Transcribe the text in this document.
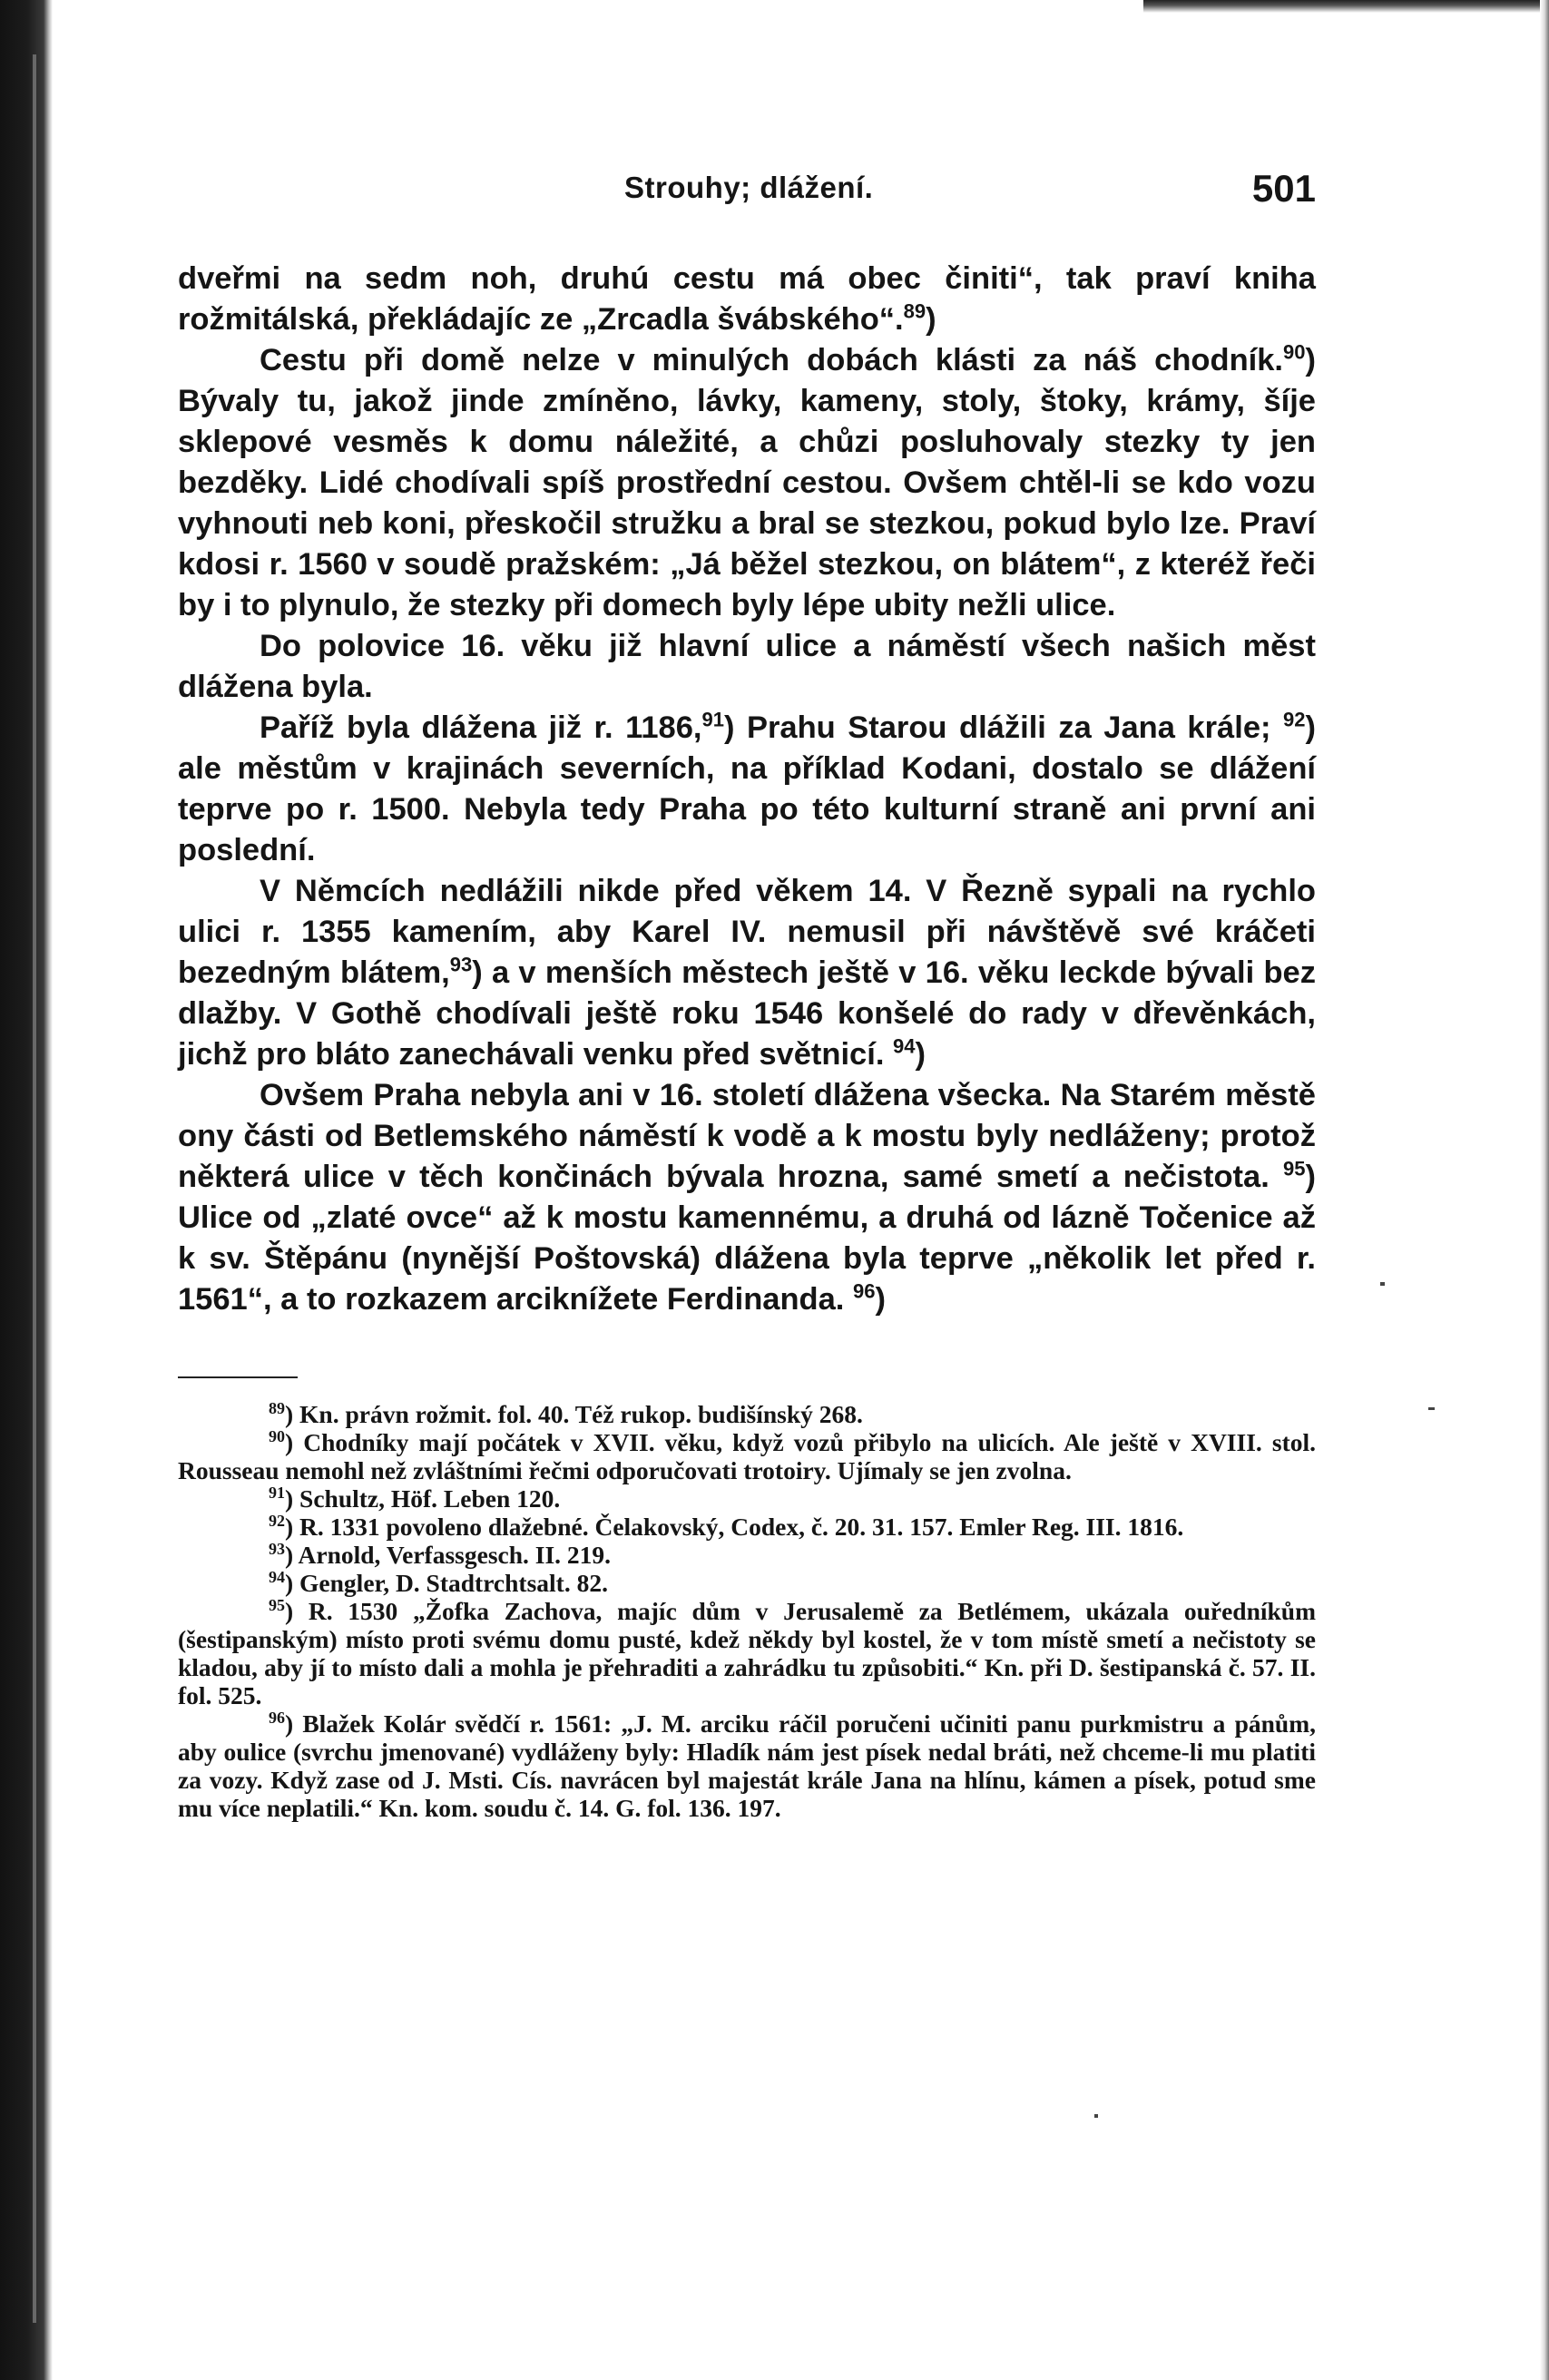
Strouhy; dlážení.	501

dveřmi na sedm noh, druhú cestu má obec činiti“, tak praví kniha rožmitálská, překládajíc ze „Zrcadla švábského“.$^{89}$)

Cestu při domě nelze v minulých dobách klásti za náš chodník.$^{90}$) Bývaly tu, jakož jinde zmíněno, lávky, kameny, stoly, štoky, krámy, šíje sklepové vesměs k domu náležité, a chůzi posluhovaly stezky ty jen bezděky. Lidé chodívali spíš prostřední cestou. Ovšem chtěl-li se kdo vozu vyhnouti neb koni, přeskočil stružku a bral se stezkou, pokud bylo lze. Praví kdosi r. 1560 v soudě pražském: „Já běžel stezkou, on blátem“, z kteréž řeči by i to plynulo, že stezky při domech byly lépe ubity nežli ulice.

Do polovice 16. věku již hlavní ulice a náměstí všech našich měst dlážena byla.

Paříž byla dlážena již r. 1186,91) Prahu Starou dlážili za Jana krále; $^{92}$) ale městům v krajinách severních, na příklad Kodani, dostalo se dlážení teprve po r. 1500. Nebyla tedy Praha po této kulturní straně ani první ani poslední.

V Němcích nedlážili nikde před věkem 14. V Řezně sypali na rychlo ulici r. 1355 kamením, aby Karel IV. nemusil při návštěvě své kráčeti bezedným blátem,$^{93}$) a v menších městech ještě v 16. věku leckde bývali bez dlažby. V Gothě chodívali ještě roku 1546 konšelé do rady v dřevěnkách, jichž pro bláto zanechávali venku před světnicí. $^{94}$)

Ovšem Praha nebyla ani v 16. století dlážena všecka. Na Starém městě ony části od Betlemského náměstí k vodě a k mostu byly nedláženy; protož některá ulice v těch končinách bývala hrozna, samé smetí a nečistota. $^{95}$) Ulice od „zlaté ovce“ až k mostu kamennému, a druhá od lázně Točenice až k sv. Štěpánu (nynější Poštovská) dlážena byla teprve „několik let před r. 1561“, a to rozkazem arciknížete Ferdinanda. $^{96}$)

$^{89}$) Kn. právn rožmit. fol. 40. Též rukop. budišínský 268.

$^{90}$) Chodníky mají počátek v XVII. věku, když vozů přibylo na ulicích. Ale ještě v XVIII. stol. Rousseau nemohl než zvláštními řečmi odporučovati trotoiry. Ujímaly se jen zvolna.

$^{91}$) Schultz, Höf. Leben 120.

$^{92}$) R. 1331 povoleno dlažebné. Čelakovský, Codex, č. 20. 31. 157. Emler Reg. III. 1816.

$^{93}$) Arnold, Verfassgesch. II. 219.

$^{94}$) Gengler, D. Stadtrchtsalt. 82.

$^{95}$) R. 1530 „Žofka Zachova, majíc dům v Jerusalemě za Betlémem, ukázala ouředníkům (šestipanským) místo proti svému domu pusté, kdež někdy byl kostel, že v tom místě smetí a nečistoty se kladou, aby jí to místo dali a mohla je přehraditi a zahrádku tu způsobiti.“ Kn. při D. šestipanská č. 57. II. fol. 525.

$^{96}$) Blažek Kolár svědčí r. 1561: „J. M. arciku ráčil poručeni učiniti panu purkmistru a pánům, aby oulice (svrchu jmenované) vydláženy byly: Hladík nám jest písek nedal bráti, než chceme-li mu platiti za vozy. Když zase od J. Msti. Cís. navrácen byl majestát krále Jana na hlínu, kámen a písek, potud sme mu více neplatili.“ Kn. kom. soudu č. 14. G. fol. 136. 197.
